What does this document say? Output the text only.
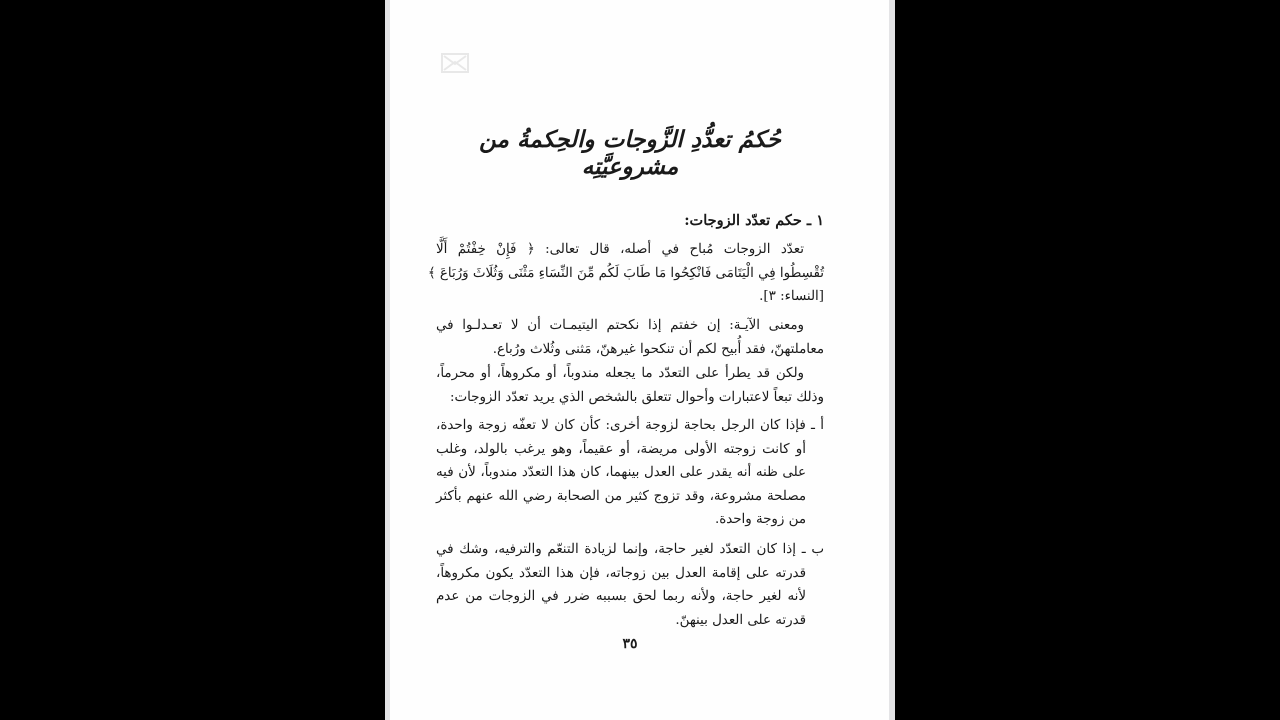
حُكمُ تعدُّدِ الزَّوجات والحِكمةُ من مشروعيَّتِه
١ ـ حكم تعدّد الزوجات:
تعدّد الزوجات مُباح في أصله، قال تعالى: ﴿ فَإِنْ خِفْتُمْ أَلَّا
تُقْسِطُوا فِي الْيَتَامَى فَانْكِحُوا مَا طَابَ لَكُم مِّنَ النِّسَاءِ مَثْنَى وَثُلَاثَ وَرُبَاعَ ﴾
[النساء: ٣].
ومعنى الآيـة: إن خفتم إذا نكحتم اليتيمـات أن لا تعـدلـوا في
معاملتهنّ، فقد أُبيح لكم أن تنكحوا غيرهنّ، مَثنى وثُلاث ورُباع.
ولكن قد يطرأ على التعدّد ما يجعله مندوباً، أو مكروهاً، أو محرماً،
وذلك تبعاً لاعتبارات وأحوال تتعلق بالشخص الذي يريد تعدّد الزوجات:
أ ـ فإذا كان الرجل بحاجة لزوجة أخرى: كأن كان لا تعفّه زوجة واحدة،
أو كانت زوجته الأولى مريضة، أو عقيماً، وهو يرغب بالولد، وغلب
على ظنه أنه يقدر على العدل بينهما، كان هذا التعدّد مندوباً، لأن فيه
مصلحة مشروعة، وقد تزوج كثير من الصحابة رضي الله عنهم بأكثر
من زوجة واحدة.
ب ـ إذا كان التعدّد لغير حاجة، وإنما لزيادة التنعّم والترفيه، وشك في
قدرته على إقامة العدل بين زوجاته، فإن هذا التعدّد يكون مكروهاً،
لأنه لغير حاجة، ولأنه ربما لحق بسببه ضرر في الزوجات من عدم
قدرته على العدل بينهنّ.
٣٥
